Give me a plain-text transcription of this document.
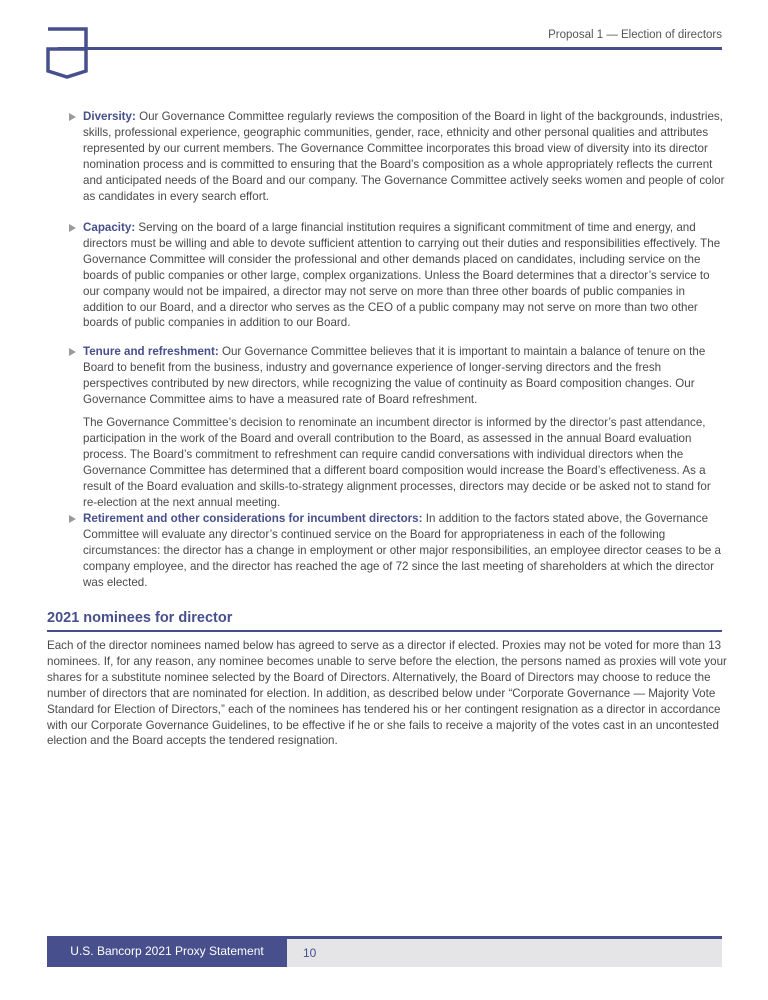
Proposal 1 — Election of directors
Diversity: Our Governance Committee regularly reviews the composition of the Board in light of the backgrounds, industries, skills, professional experience, geographic communities, gender, race, ethnicity and other personal qualities and attributes represented by our current members. The Governance Committee incorporates this broad view of diversity into its director nomination process and is committed to ensuring that the Board’s composition as a whole appropriately reflects the current and anticipated needs of the Board and our company. The Governance Committee actively seeks women and people of color as candidates in every search effort.
Capacity: Serving on the board of a large financial institution requires a significant commitment of time and energy, and directors must be willing and able to devote sufficient attention to carrying out their duties and responsibilities effectively. The Governance Committee will consider the professional and other demands placed on candidates, including service on the boards of public companies or other large, complex organizations. Unless the Board determines that a director’s service to our company would not be impaired, a director may not serve on more than three other boards of public companies in addition to our Board, and a director who serves as the CEO of a public company may not serve on more than two other boards of public companies in addition to our Board.
Tenure and refreshment: Our Governance Committee believes that it is important to maintain a balance of tenure on the Board to benefit from the business, industry and governance experience of longer-serving directors and the fresh perspectives contributed by new directors, while recognizing the value of continuity as Board composition changes. Our Governance Committee aims to have a measured rate of Board refreshment.
The Governance Committee’s decision to renominate an incumbent director is informed by the director’s past attendance, participation in the work of the Board and overall contribution to the Board, as assessed in the annual Board evaluation process. The Board’s commitment to refreshment can require candid conversations with individual directors when the Governance Committee has determined that a different board composition would increase the Board’s effectiveness. As a result of the Board evaluation and skills-to-strategy alignment processes, directors may decide or be asked not to stand for re-election at the next annual meeting.
Retirement and other considerations for incumbent directors: In addition to the factors stated above, the Governance Committee will evaluate any director’s continued service on the Board for appropriateness in each of the following circumstances: the director has a change in employment or other major responsibilities, an employee director ceases to be a company employee, and the director has reached the age of 72 since the last meeting of shareholders at which the director was elected.
2021 nominees for director
Each of the director nominees named below has agreed to serve as a director if elected. Proxies may not be voted for more than 13 nominees. If, for any reason, any nominee becomes unable to serve before the election, the persons named as proxies will vote your shares for a substitute nominee selected by the Board of Directors. Alternatively, the Board of Directors may choose to reduce the number of directors that are nominated for election. In addition, as described below under “Corporate Governance — Majority Vote Standard for Election of Directors,” each of the nominees has tendered his or her contingent resignation as a director in accordance with our Corporate Governance Guidelines, to be effective if he or she fails to receive a majority of the votes cast in an uncontested election and the Board accepts the tendered resignation.
U.S. Bancorp 2021 Proxy Statement	10
